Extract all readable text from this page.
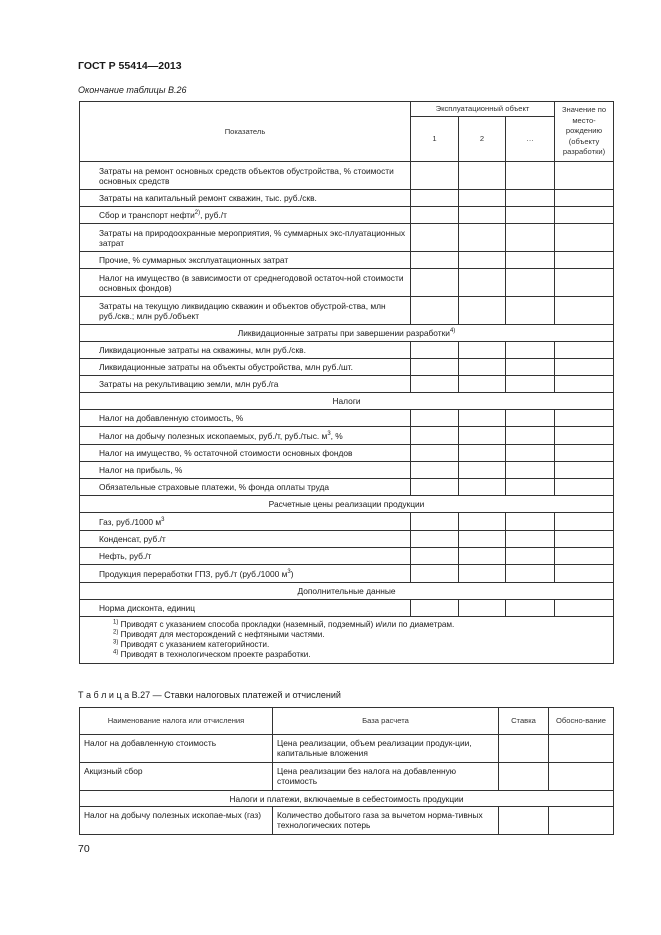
ГОСТ Р 55414—2013
Окончание таблицы В.26
Показатель	Эксплуатационный объект			Значение по место-рождению (объекту разработки)
	1	2	…	
Затраты на ремонт основных средств объектов обустройства, % стоимости основных средств				
Затраты на капитальный ремонт скважин, тыс. руб./скв.				
Сбор и транспорт нефти$^{2)}$, руб./т				
Затраты на природоохранные мероприятия, % суммарных экс-плуатационных затрат				
Прочие, % суммарных эксплуатационных затрат				
Налог на имущество (в зависимости от среднегодовой остаточ-ной стоимости основных фондов)				
Затраты на текущую ликвидацию скважин и объектов обустрой-ства, млн руб./скв.; млн руб./объект				
Ликвидационные затраты при завершении разработки$^{4)}$
Ликвидационные затраты на скважины, млн руб./скв.				
Ликвидационные затраты на объекты обустройства, млн руб./шт.				
Затраты на рекультивацию земли, млн руб./га				
Налоги				
Налог на добавленную стоимость, %				
Налог на добычу полезных ископаемых, руб./т, руб./тыс. $м^3$, %				
Налог на имущество, % остаточной стоимости основных фондов				
Налог на прибыль, %				
Обязательные страховые платежи, % фонда оплаты труда				
Расчетные цены реализации продукции				
Газ, руб./1000 $м^3$				
Конденсат, руб./т				
Нефть, руб./т				
Продукция переработки ГПЗ, руб./т (руб./1000 $м^3$)				
Дополнительные данные				
Норма дисконта, единиц				

$^{1)}$ Приводят с указанием способа прокладки (наземный, подземный) и/или по диаметрам.
$^{2)}$ Приводят для месторождений с нефтяными частями.
$^{3)}$ Приводят с указанием категорийности.
$^{4)}$ Приводят в технологическом проекте разработки.				
Т а б л и ц а В.27 — Ставки налоговых платежей и отчислений
Наименование налога или отчисления	База расчета	Ставка	Обосно-вание
Налог на добавленную стоимость	Цена реализации, объем реализации продук-ции, капитальные вложения		
Акцизный сбор	Цена реализации без налога на добавленную стоимость		
Налоги и платежи, включаемые в себестоимость продукции			
Налог на добычу полезных ископае-мых (газ)	Количество добытого газа за вычетом норма-тивных технологических потерь		
70
